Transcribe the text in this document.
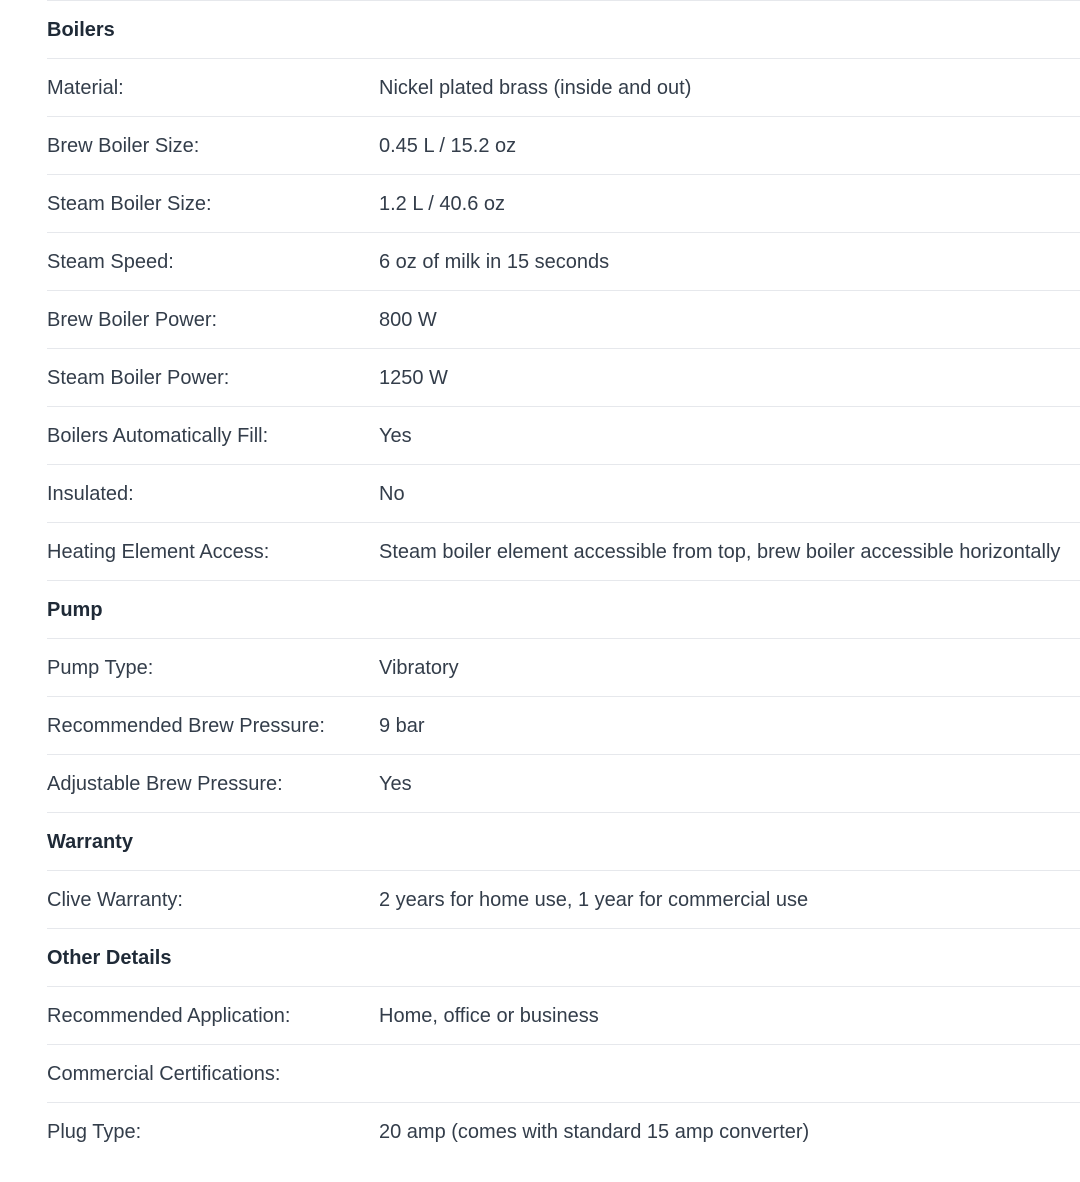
Boilers
Material:	Nickel plated brass (inside and out)
Brew Boiler Size:	0.45 L / 15.2 oz
Steam Boiler Size:	1.2 L / 40.6 oz
Steam Speed:	6 oz of milk in 15 seconds
Brew Boiler Power:	800 W
Steam Boiler Power:	1250 W
Boilers Automatically Fill:	Yes
Insulated:	No
Heating Element Access:	Steam boiler element accessible from top, brew boiler accessible horizontally
Pump
Pump Type:	Vibratory
Recommended Brew Pressure:	9 bar
Adjustable Brew Pressure:	Yes
Warranty
Clive Warranty:	2 years for home use, 1 year for commercial use
Other Details
Recommended Application:	Home, office or business
Commercial Certifications:
Plug Type:	20 amp (comes with standard 15 amp converter)
